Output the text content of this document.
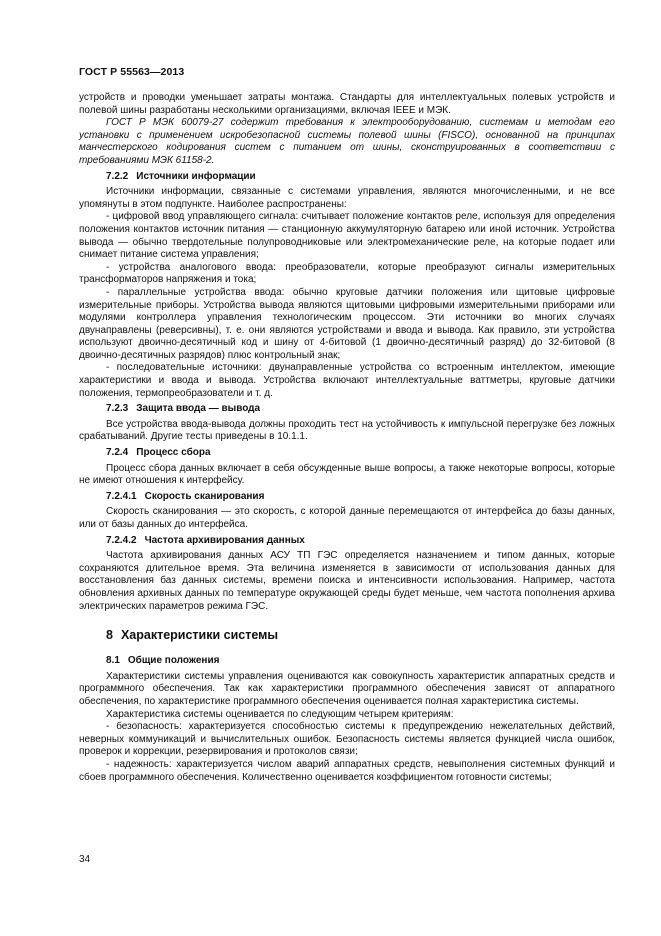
ГОСТ Р 55563—2013

устройств и проводки уменьшает затраты монтажа. Стандарты для интеллектуальных полевых устройств и полевой шины разработаны несколькими организациями, включая IEEE и МЭК.

ГОСТ Р МЭК 60079-27 содержит требования к электрооборудованию, системам и методам его установки с применением искробезопасной системы полевой шины (FISCO), основанной на принципах манчестерского кодирования систем с питанием от шины, сконструированных в соответствии с требованиями МЭК 61158-2.

7.2.2 Источники информации

Источники информации, связанные с системами управления, являются многочисленными, и не все упомянуты в этом подпункте. Наиболее распространены:

- цифровой ввод управляющего сигнала: считывает положение контактов реле, используя для определения положения контактов источник питания — станционную аккумуляторную батарею или иной источник. Устройства вывода — обычно твердотельные полупроводниковые или электромеханические реле, на которые подает или снимает питание система управления;

- устройства аналогового ввода: преобразователи, которые преобразуют сигналы измерительных трансформаторов напряжения и тока;

- параллельные устройства ввода: обычно круговые датчики положения или щитовые цифровые измерительные приборы. Устройства вывода являются щитовыми цифровыми измерительными приборами или модулями контроллера управления технологическим процессом. Эти источники во многих случаях двунаправлены (реверсивны), т. е. они являются устройствами и ввода и вывода. Как правило, эти устройства используют двоично-десятичный код и шину от 4-битовой (1 двоично-десятичный разряд) до 32-битовой (8 двоично-десятичных разрядов) плюс контрольный знак;

- последовательные источники: двунаправленные устройства со встроенным интеллектом, имеющие характеристики и ввода и вывода. Устройства включают интеллектуальные ваттметры, круговые датчики положения, термопреобразователи и т. д.

7.2.3 Защита ввода — вывода

Все устройства ввода-вывода должны проходить тест на устойчивость к импульсной перегрузке без ложных срабатываний. Другие тесты приведены в 10.1.1.

7.2.4 Процесс сбора

Процесс сбора данных включает в себя обсужденные выше вопросы, а также некоторые вопросы, которые не имеют отношения к интерфейсу.

7.2.4.1 Скорость сканирования

Скорость сканирования — это скорость, с которой данные перемещаются от интерфейса до базы данных, или от базы данных до интерфейса.

7.2.4.2 Частота архивирования данных

Частота архивирования данных АСУ ТП ГЭС определяется назначением и типом данных, которые сохраняются длительное время. Эта величина изменяется в зависимости от использования данных для восстановления баз данных системы, времени поиска и интенсивности использования. Например, частота обновления архивных данных по температуре окружающей среды будет меньше, чем частота пополнения архива электрических параметров режима ГЭС.

8 Характеристики системы
8.1 Общие положения

Характеристики системы управления оцениваются как совокупность характеристик аппаратных средств и программного обеспечения. Так как характеристики программного обеспечения зависят от аппаратного обеспечения, по характеристике программного обеспечения оценивается полная характеристика системы.

Характеристика системы оценивается по следующим четырем критериям:

- безопасность: характеризуется способностью системы к предупреждению нежелательных действий, неверных коммуникаций и вычислительных ошибок. Безопасность системы является функцией числа ошибок, проверок и коррекции, резервирования и протоколов связи;

- надежность: характеризуется числом аварий аппаратных средств, невыполнения системных функций и сбоев программного обеспечения. Количественно оценивается коэффициентом готовности системы;

34
